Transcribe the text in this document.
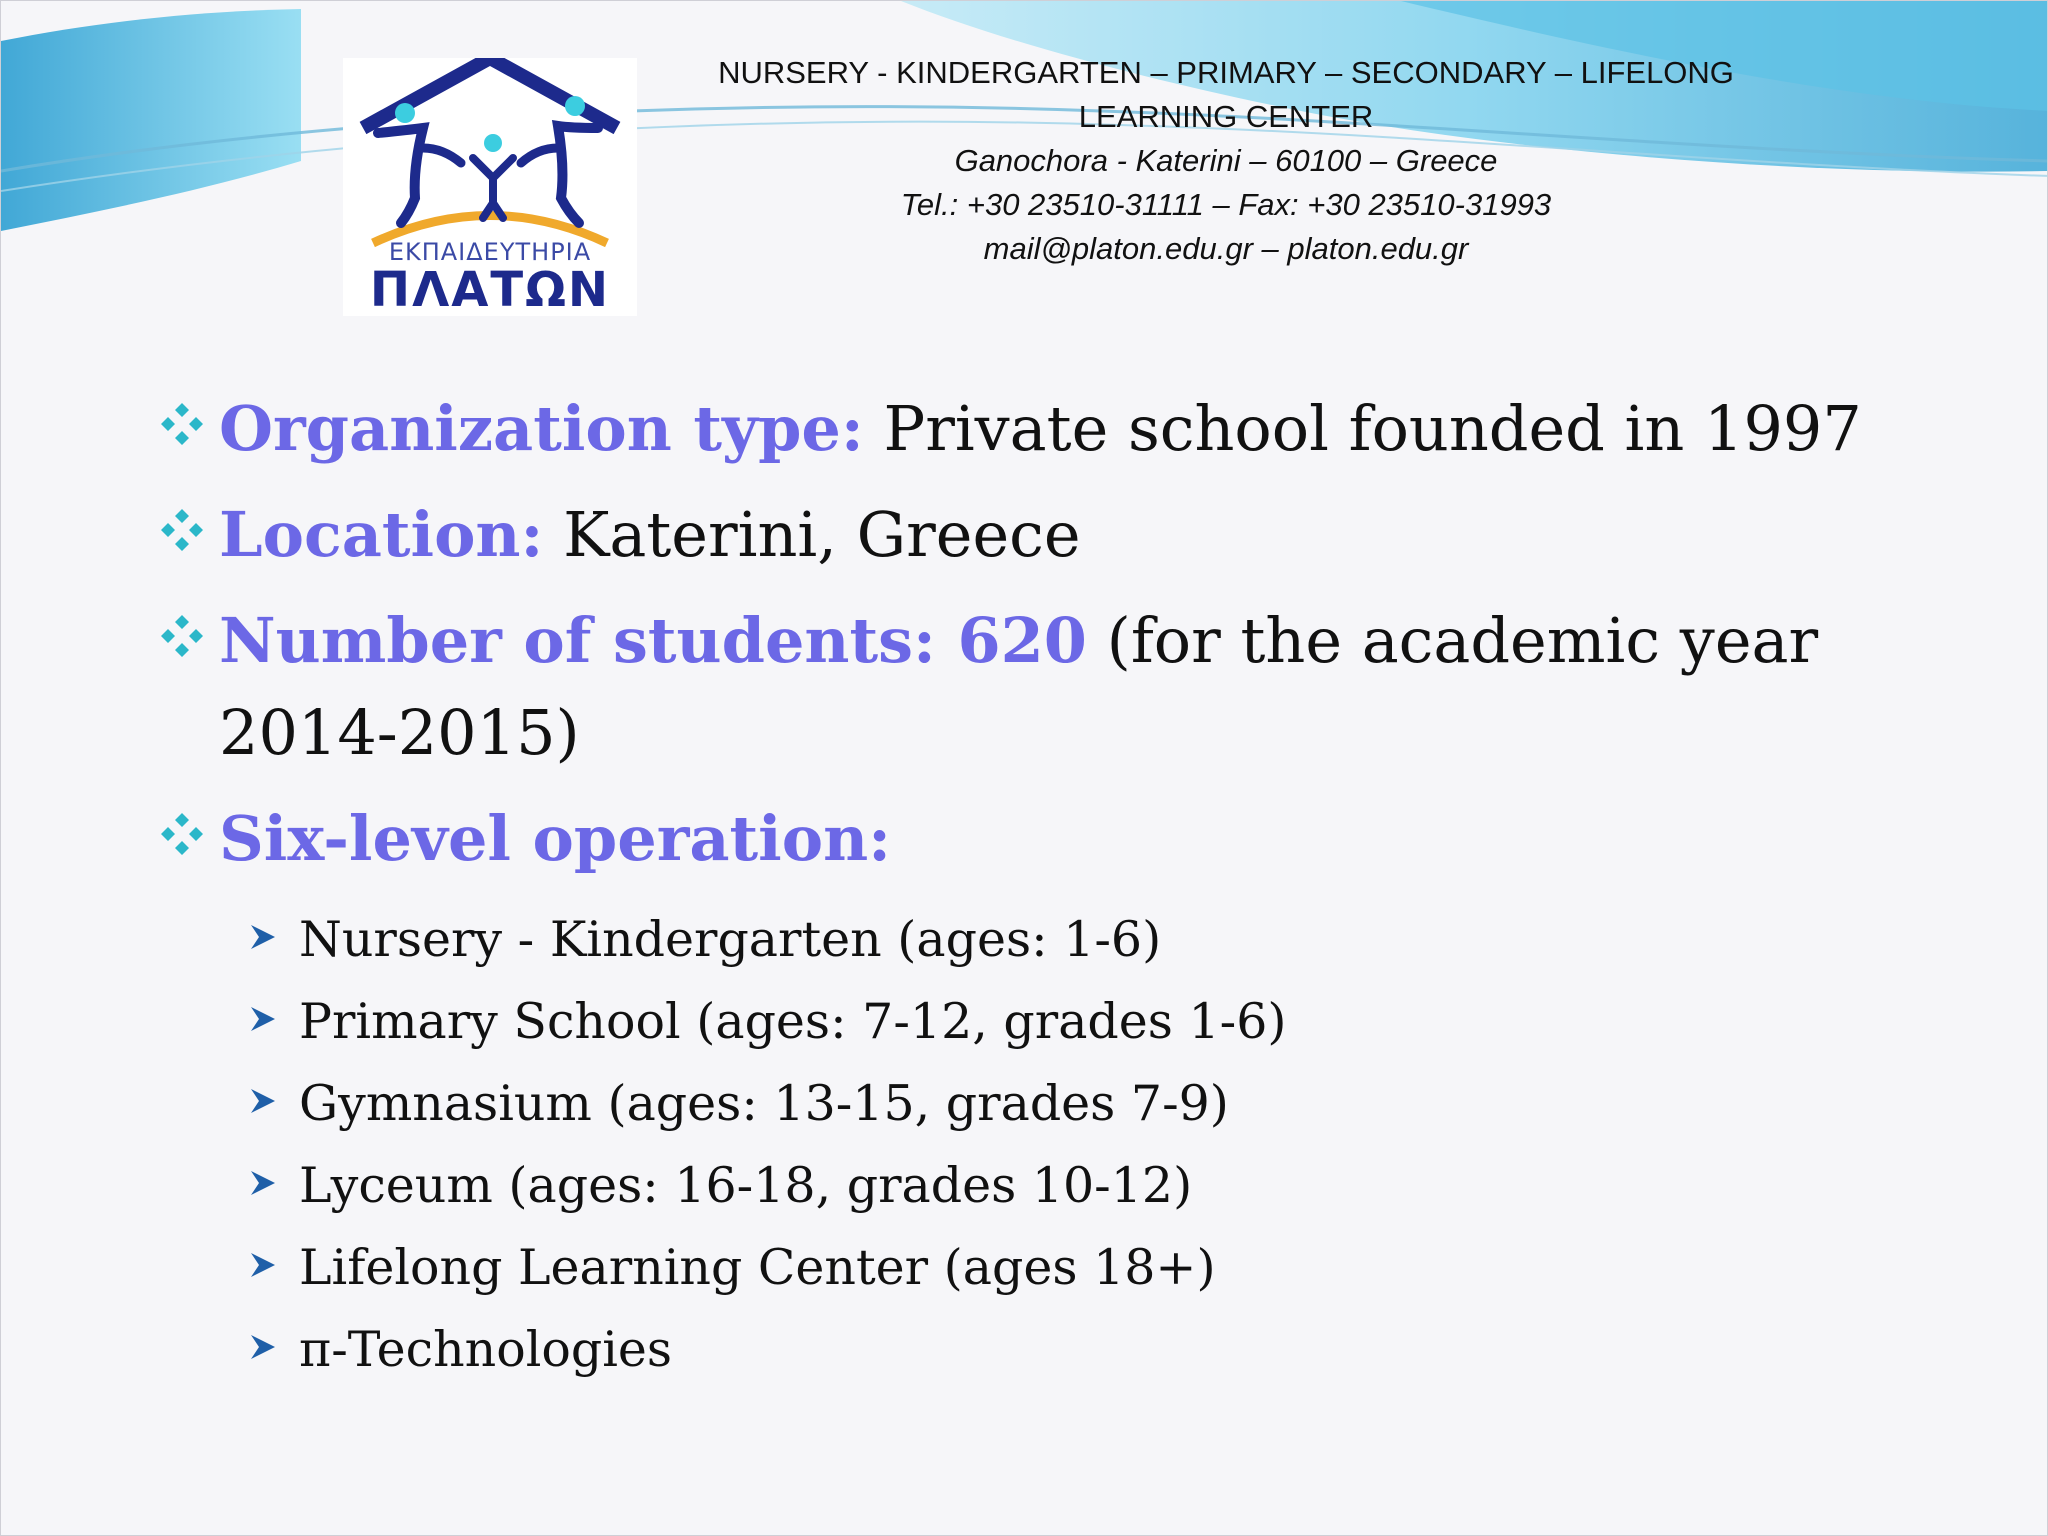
ΕΚΠΑΙΔΕΥΤΗΡΙΑ
ΠΛΑΤΩΝ
NURSERY - KINDERGARTEN – PRIMARY – SECONDARY – LIFELONG
LEARNING CENTER
Ganochora - Katerini – 60100 – Greece
Tel.: +30 23510-31111 – Fax: +30 23510-31993
mail@platon.edu.gr – platon.edu.gr
Organization type: Private school founded in 1997
Location: Katerini, Greece
Number of students: 620 (for the academic year
2014-2015)
Six-level operation:
Nursery - Kindergarten (ages: 1-6)
Primary School (ages: 7-12, grades 1-6)
Gymnasium (ages: 13-15, grades 7-9)
Lyceum (ages: 16-18, grades 10-12)
Lifelong Learning Center (ages 18+)
π-Technologies
